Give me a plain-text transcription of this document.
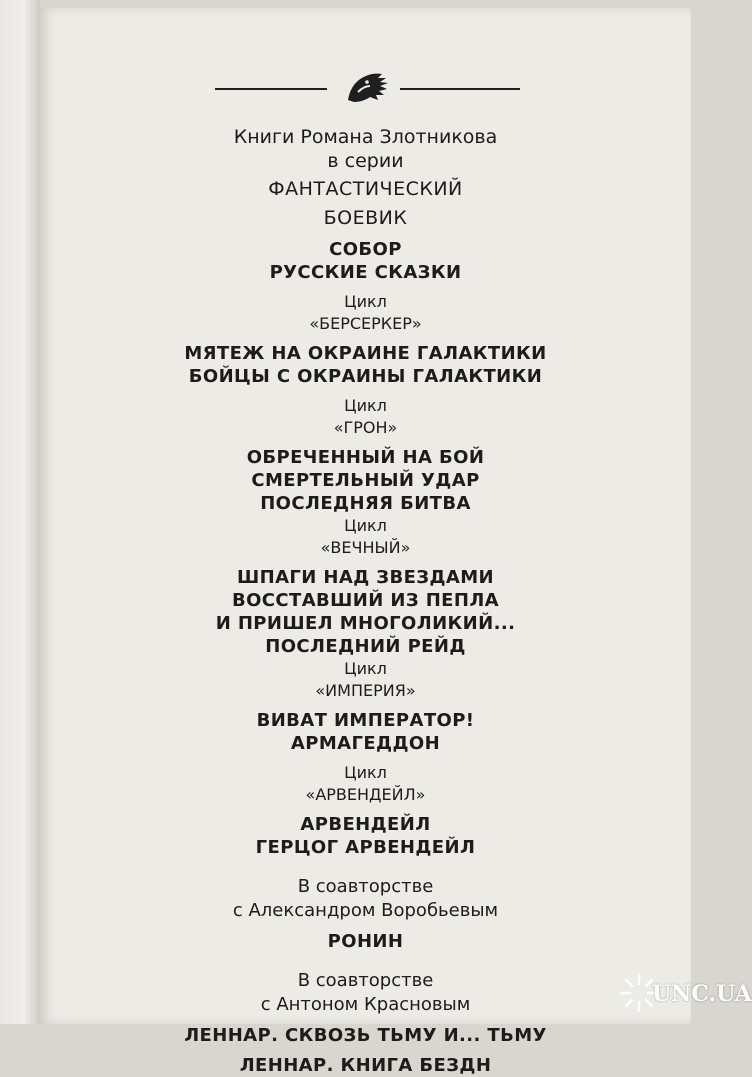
Книги Романа Злотникова
в серии
ФАНТАСТИЧЕСКИЙ
БОЕВИК
СОБОР
РУССКИЕ СКАЗКИ
Цикл
«БЕРСЕРКЕР»
МЯТЕЖ НА ОКРАИНЕ ГАЛАКТИКИ
БОЙЦЫ С ОКРАИНЫ ГАЛАКТИКИ
Цикл
«ГРОН»
ОБРЕЧЕННЫЙ НА БОЙ
СМЕРТЕЛЬНЫЙ УДАР
ПОСЛЕДНЯЯ БИТВА
Цикл
«ВЕЧНЫЙ»
ШПАГИ НАД ЗВЕЗДАМИ
ВОССТАВШИЙ ИЗ ПЕПЛА
И ПРИШЕЛ МНОГОЛИКИЙ...
ПОСЛЕДНИЙ РЕЙД
Цикл
«ИМПЕРИЯ»
ВИВАТ ИМПЕРАТОР!
АРМАГЕДДОН
Цикл
«АРВЕНДЕЙЛ»
АРВЕНДЕЙЛ
ГЕРЦОГ АРВЕНДЕЙЛ
В соавторстве
с Александром Воробьевым
РОНИН
В соавторстве
с Антоном Красновым
ЛЕННАР. СКВОЗЬ ТЬМУ И... ТЬМУ
ЛЕННАР. КНИГА БЕЗДН
UNC.UA
